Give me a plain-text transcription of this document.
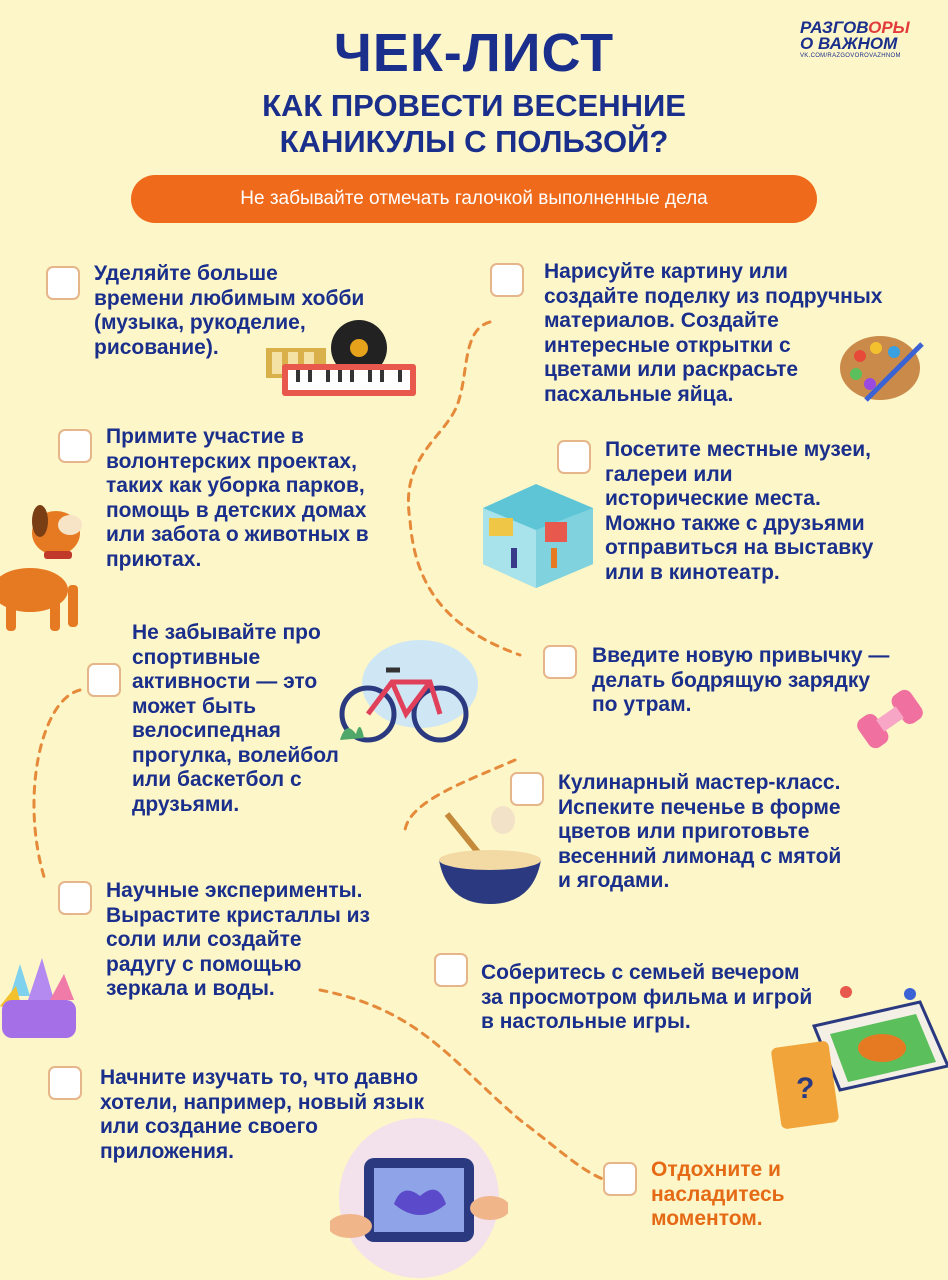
ЧЕК-ЛИСТ
КАК ПРОВЕСТИ ВЕСЕННИЕ
КАНИКУЛЫ С ПОЛЬЗОЙ?
РАЗГОВОРЫ
О ВАЖНОМ
VK.COM/RAZGOVOROVAZHNOM
Не забывайте отмечать галочкой выполненные дела
Уделяйте больше
времени любимым хобби
(музыка, рукоделие,
рисование).
Нарисуйте картину или
создайте поделку из подручных
материалов. Создайте
интересные открытки с
цветами или раскрасьте
пасхальные яйца.
Примите участие в
волонтерских проектах,
таких как уборка парков,
помощь в детских домах
или забота о животных в
приютах.
Посетите местные музеи,
галереи или
исторические места.
Можно также с друзьями
отправиться на выставку
или в кинотеатр.
Не забывайте про
спортивные
активности — это
может быть
велосипедная
прогулка, волейбол
или баскетбол с
друзьями.
Введите новую привычку —
делать бодрящую зарядку
по утрам.
Кулинарный мастер-класс.
Испеките печенье в форме
цветов или приготовьте
весенний лимонад с мятой
и ягодами.
Научные эксперименты.
Вырастите кристаллы из
соли или создайте
радугу с помощью
зеркала и воды.
Соберитесь с семьей вечером
за просмотром фильма и игрой
в настольные игры.
?
Начните изучать то, что давно
хотели, например, новый язык
или создание своего
приложения.
Отдохните и
насладитесь
моментом.
